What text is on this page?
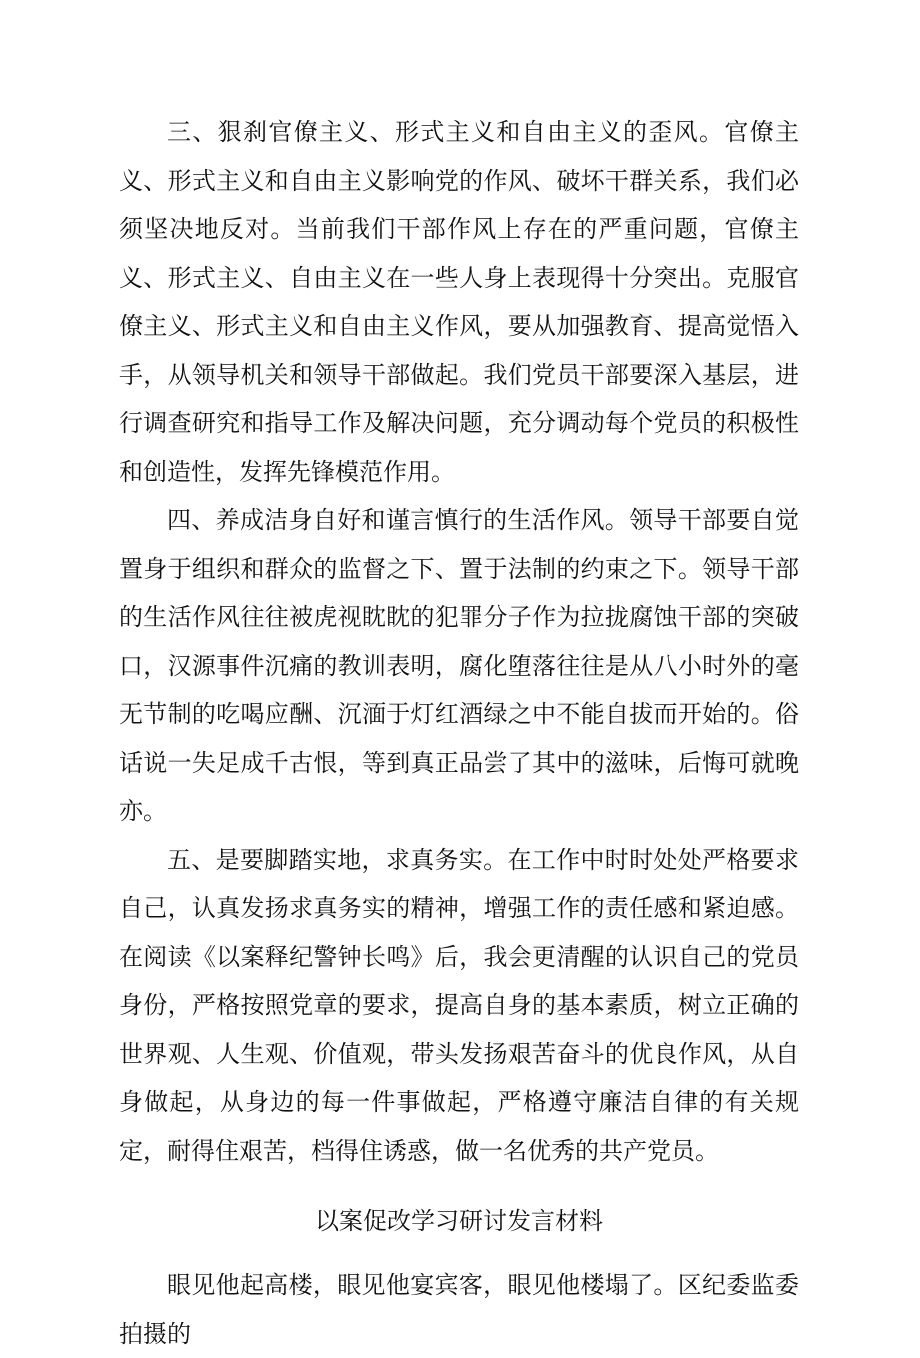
三、狠刹官僚主义、形式主义和自由主义的歪风。官僚主义、形式主义和自由主义影响党的作风、破坏干群关系，我们必须坚决地反对。当前我们干部作风上存在的严重问题，官僚主义、形式主义、自由主义在一些人身上表现得十分突出。克服官僚主义、形式主义和自由主义作风，要从加强教育、提高觉悟入手，从领导机关和领导干部做起。我们党员干部要深入基层，进行调查研究和指导工作及解决问题，充分调动每个党员的积极性和创造性，发挥先锋模范作用。

四、养成洁身自好和谨言慎行的生活作风。领导干部要自觉置身于组织和群众的监督之下、置于法制的约束之下。领导干部的生活作风往往被虎视眈眈的犯罪分子作为拉拢腐蚀干部的突破口，汉源事件沉痛的教训表明，腐化堕落往往是从八小时外的毫无节制的吃喝应酬、沉湎于灯红酒绿之中不能自拔而开始的。俗话说一失足成千古恨，等到真正品尝了其中的滋味，后悔可就晚亦。

五、是要脚踏实地，求真务实。在工作中时时处处严格要求自己，认真发扬求真务实的精神，增强工作的责任感和紧迫感。在阅读《以案释纪警钟长鸣》后，我会更清醒的认识自己的党员身份，严格按照党章的要求，提高自身的基本素质，树立正确的世界观、人生观、价值观，带头发扬艰苦奋斗的优良作风，从自身做起，从身边的每一件事做起，严格遵守廉洁自律的有关规定，耐得住艰苦，档得住诱惑，做一名优秀的共产党员。

以案促改学习研讨发言材料

眼见他起高楼，眼见他宴宾客，眼见他楼塌了。区纪委监委拍摄的
